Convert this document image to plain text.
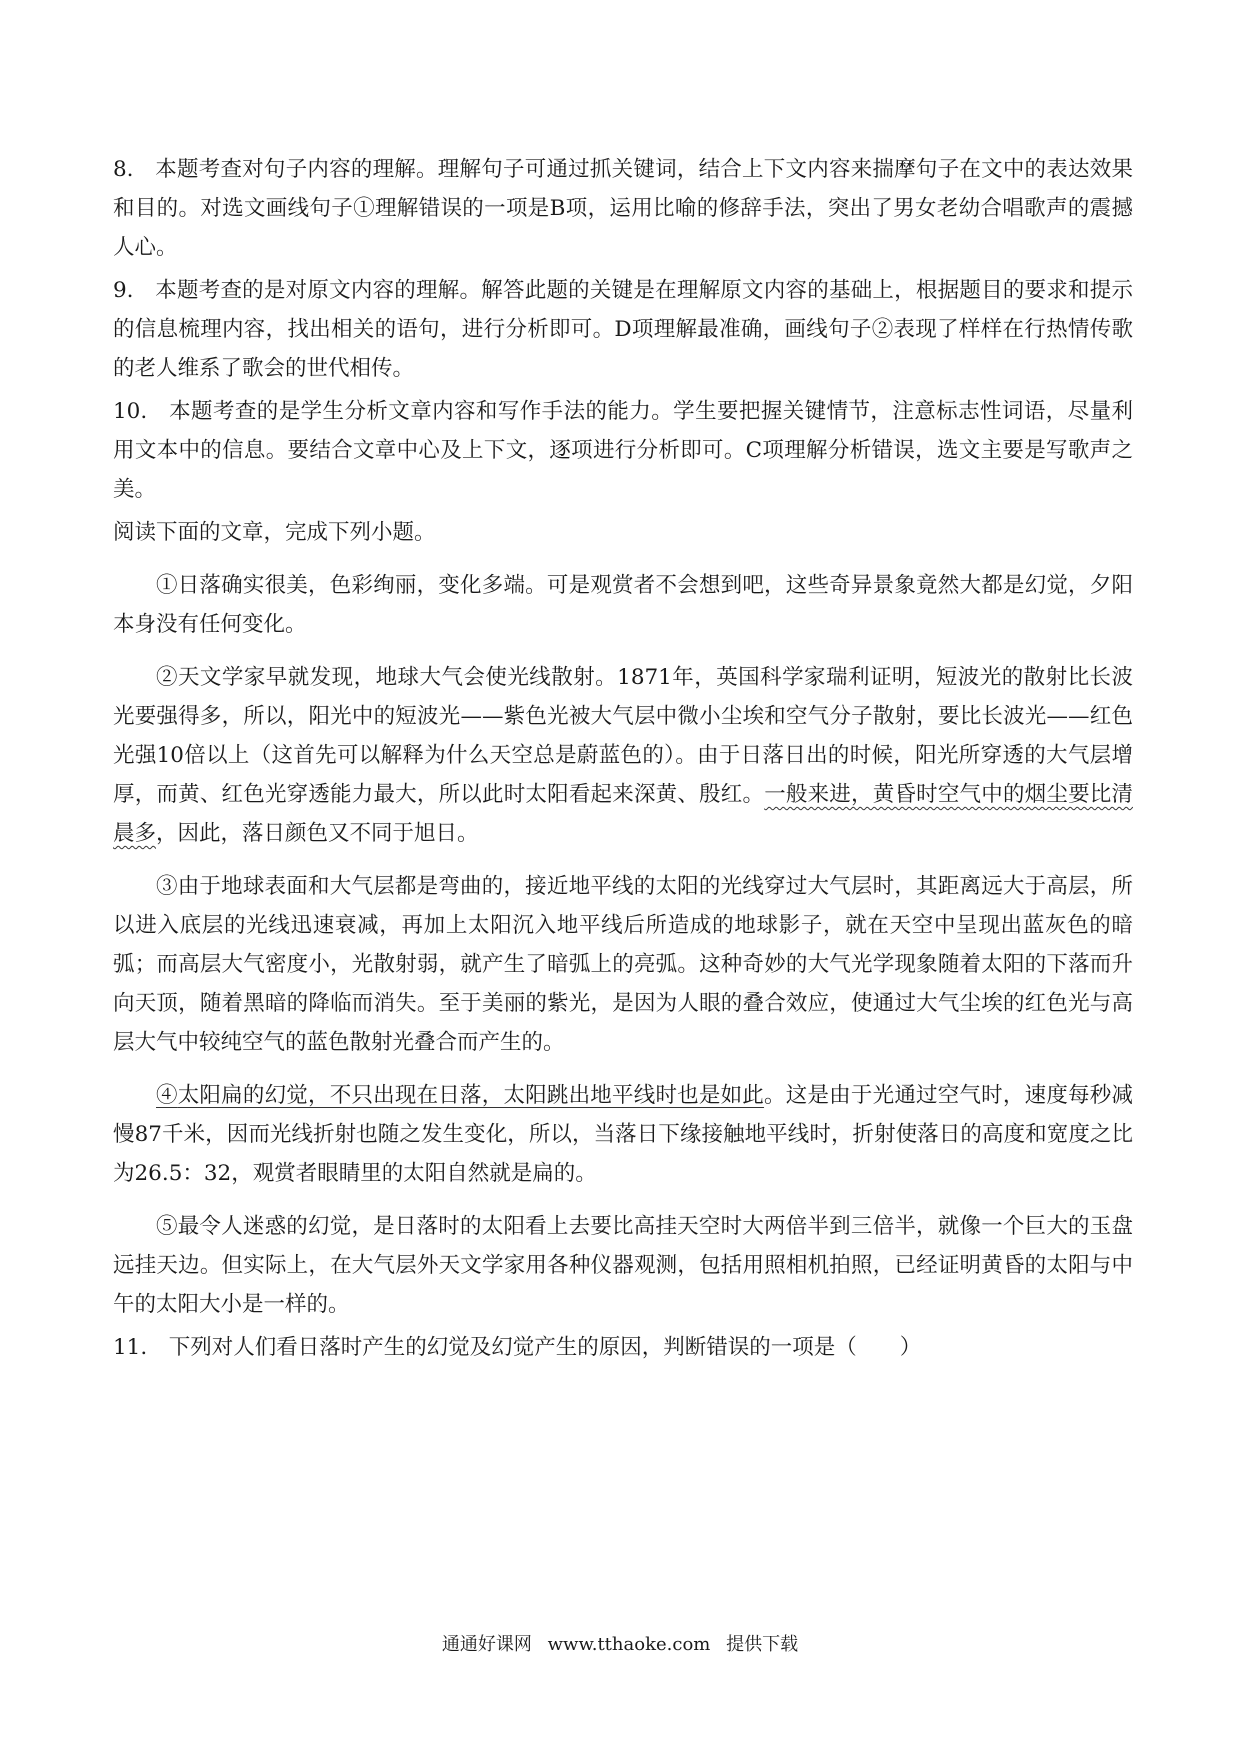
8.  本题考查对句子内容的理解。理解句子可通过抓关键词，结合上下文内容来揣摩句子在文中的表达效果和目的。对选文画线句子①理解错误的一项是B项，运用比喻的修辞手法，突出了男女老幼合唱歌声的震撼人心。

9.  本题考查的是对原文内容的理解。解答此题的关键是在理解原文内容的基础上，根据题目的要求和提示的信息梳理内容，找出相关的语句，进行分析即可。D项理解最准确，画线句子②表现了样样在行热情传歌的老人维系了歌会的世代相传。

10.  本题考查的是学生分析文章内容和写作手法的能力。学生要把握关键情节，注意标志性词语，尽量利用文本中的信息。要结合文章中心及上下文，逐项进行分析即可。C项理解分析错误，选文主要是写歌声之美。

阅读下面的文章，完成下列小题。

①日落确实很美，色彩绚丽，变化多端。可是观赏者不会想到吧，这些奇异景象竟然大都是幻觉，夕阳本身没有任何变化。

②天文学家早就发现，地球大气会使光线散射。1871年，英国科学家瑞利证明，短波光的散射比长波光要强得多，所以，阳光中的短波光——紫色光被大气层中微小尘埃和空气分子散射，要比长波光——红色光强10倍以上（这首先可以解释为什么天空总是蔚蓝色的）。由于日落日出的时候，阳光所穿透的大气层增厚，而黄、红色光穿透能力最大，所以此时太阳看起来深黄、殷红。一般来进，黄昏时空气中的烟尘要比清晨多，因此，落日颜色又不同于旭日。

③由于地球表面和大气层都是弯曲的，接近地平线的太阳的光线穿过大气层时，其距离远大于高层，所以进入底层的光线迅速衰减，再加上太阳沉入地平线后所造成的地球影子，就在天空中呈现出蓝灰色的暗弧；而高层大气密度小，光散射弱，就产生了暗弧上的亮弧。这种奇妙的大气光学现象随着太阳的下落而升向天顶，随着黑暗的降临而消失。至于美丽的紫光，是因为人眼的叠合效应，使通过大气尘埃的红色光与高层大气中较纯空气的蓝色散射光叠合而产生的。

④太阳扁的幻觉，不只出现在日落，太阳跳出地平线时也是如此。这是由于光通过空气时，速度每秒减慢87千米，因而光线折射也随之发生变化，所以，当落日下缘接触地平线时，折射使落日的高度和宽度之比为26.5：32，观赏者眼睛里的太阳自然就是扁的。

⑤最令人迷惑的幻觉，是日落时的太阳看上去要比高挂天空时大两倍半到三倍半，就像一个巨大的玉盘远挂天边。但实际上，在大气层外天文学家用各种仪器观测，包括用照相机拍照，已经证明黄昏的太阳与中午的太阳大小是一样的。

11.  下列对人们看日落时产生的幻觉及幻觉产生的原因，判断错误的一项是（　　）

通通好课网 www.tthaoke.com 提供下载
